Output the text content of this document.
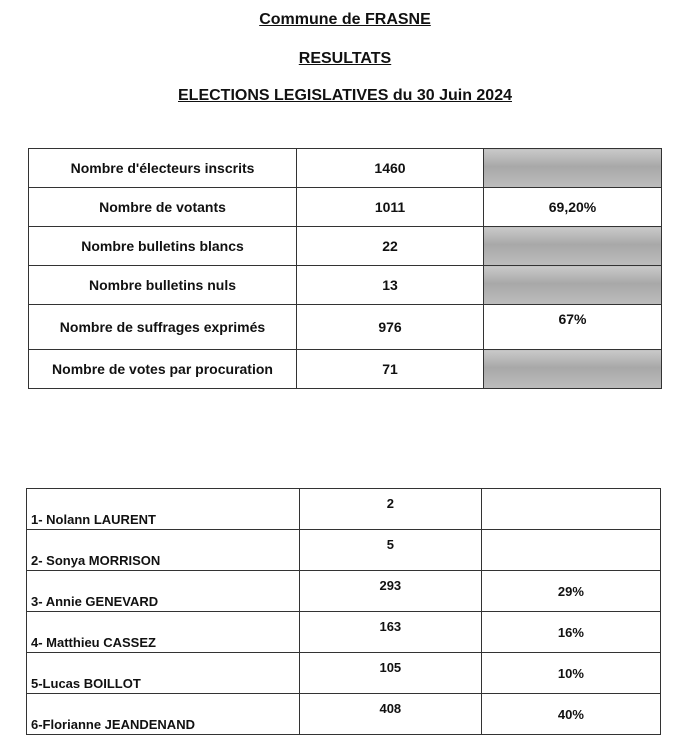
Commune de FRASNE
RESULTATS
ELECTIONS LEGISLATIVES du 30 Juin 2024
Nombre d'électeurs inscrits	1460	
Nombre de votants	1011	69,20%
Nombre bulletins blancs	22	
Nombre bulletins nuls	13	
Nombre de suffrages exprimés	976	67%
Nombre de votes par procuration	71	
1- Nolann LAURENT	2	
2- Sonya MORRISON	5	
3- Annie GENEVARD	293	29%
4- Matthieu CASSEZ	163	16%
5-Lucas BOILLOT	105	10%
6-Florianne JEANDENAND	408	40%
